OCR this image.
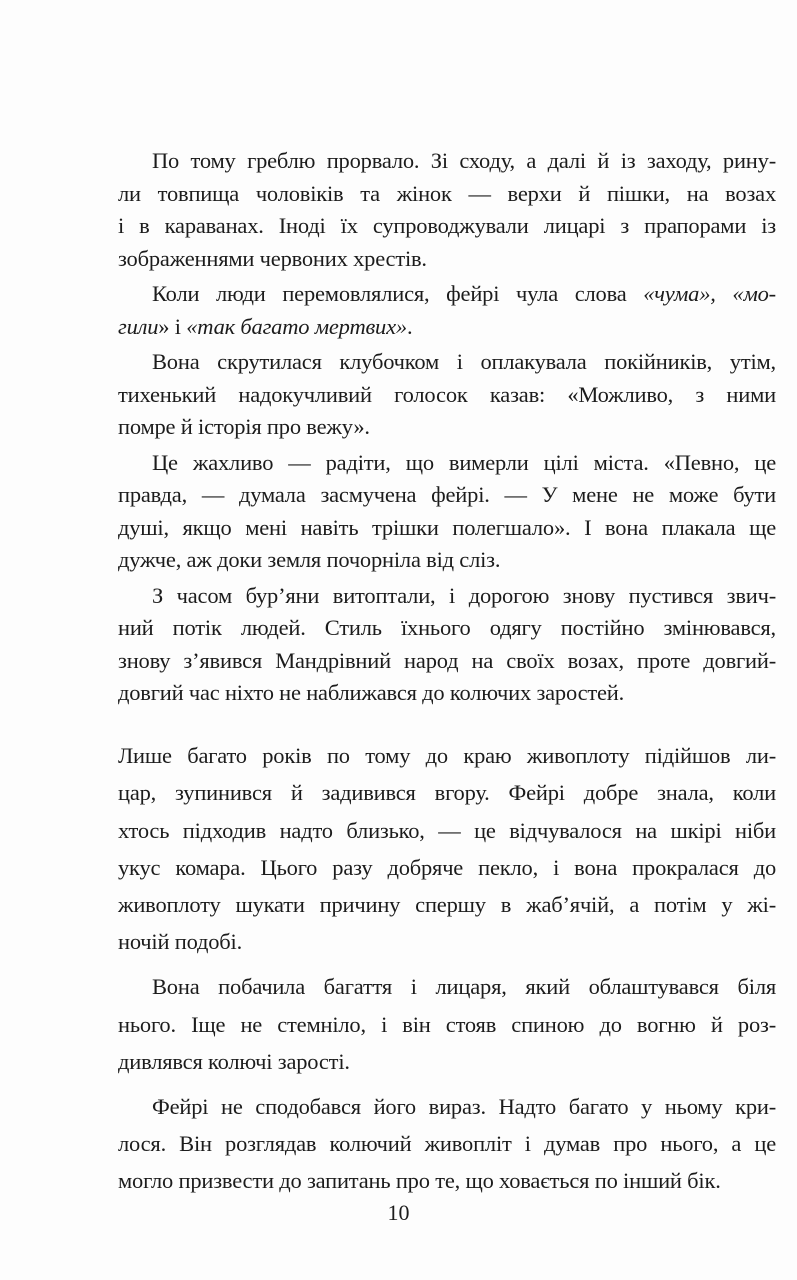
По тому греблю прорвало. Зі сходу, а далі й із заходу, рину-
ли товпища чоловіків та жінок — верхи й пішки, на возах
і в караванах. Іноді їх супроводжували лицарі з прапорами із
зображеннями червоних хрестів.
Коли люди перемовлялися, фейрі чула слова «чума», «мо-
гили» і «так багато мертвих».
Вона скрутилася клубочком і оплакувала покійників, утім,
тихенький надокучливий голосок казав: «Можливо, з ними
помре й історія про вежу».
Це жахливо — радіти, що вимерли цілі міста. «Певно, це
правда, — думала засмучена фейрі. — У мене не може бути
душі, якщо мені навіть трішки полегшало». І вона плакала ще
дужче, аж доки земля почорніла від сліз.
З часом бур’яни витоптали, і дорогою знову пустився звич-
ний потік людей. Стиль їхнього одягу постійно змінювався,
знову з’явився Мандрівний народ на своїх возах, проте довгий-
довгий час ніхто не наближався до колючих заростей.
Лише багато років по тому до краю живоплоту підійшов ли-
цар, зупинився й задивився вгору. Фейрі добре знала, коли
хтось підходив надто близько, — це відчувалося на шкірі ніби
укус комара. Цього разу добряче пекло, і вона прокралася до
живоплоту шукати причину спершу в жаб’ячій, а потім у жі-
ночій подобі.
Вона побачила багаття і лицаря, який облаштувався біля
нього. Іще не стемніло, і він стояв спиною до вогню й роз-
дивлявся колючі зарості.
Фейрі не сподобався його вираз. Надто багато у ньому кри-
лося. Він розглядав колючий живопліт і думав про нього, а це
могло призвести до запитань про те, що ховається по інший бік.
10
